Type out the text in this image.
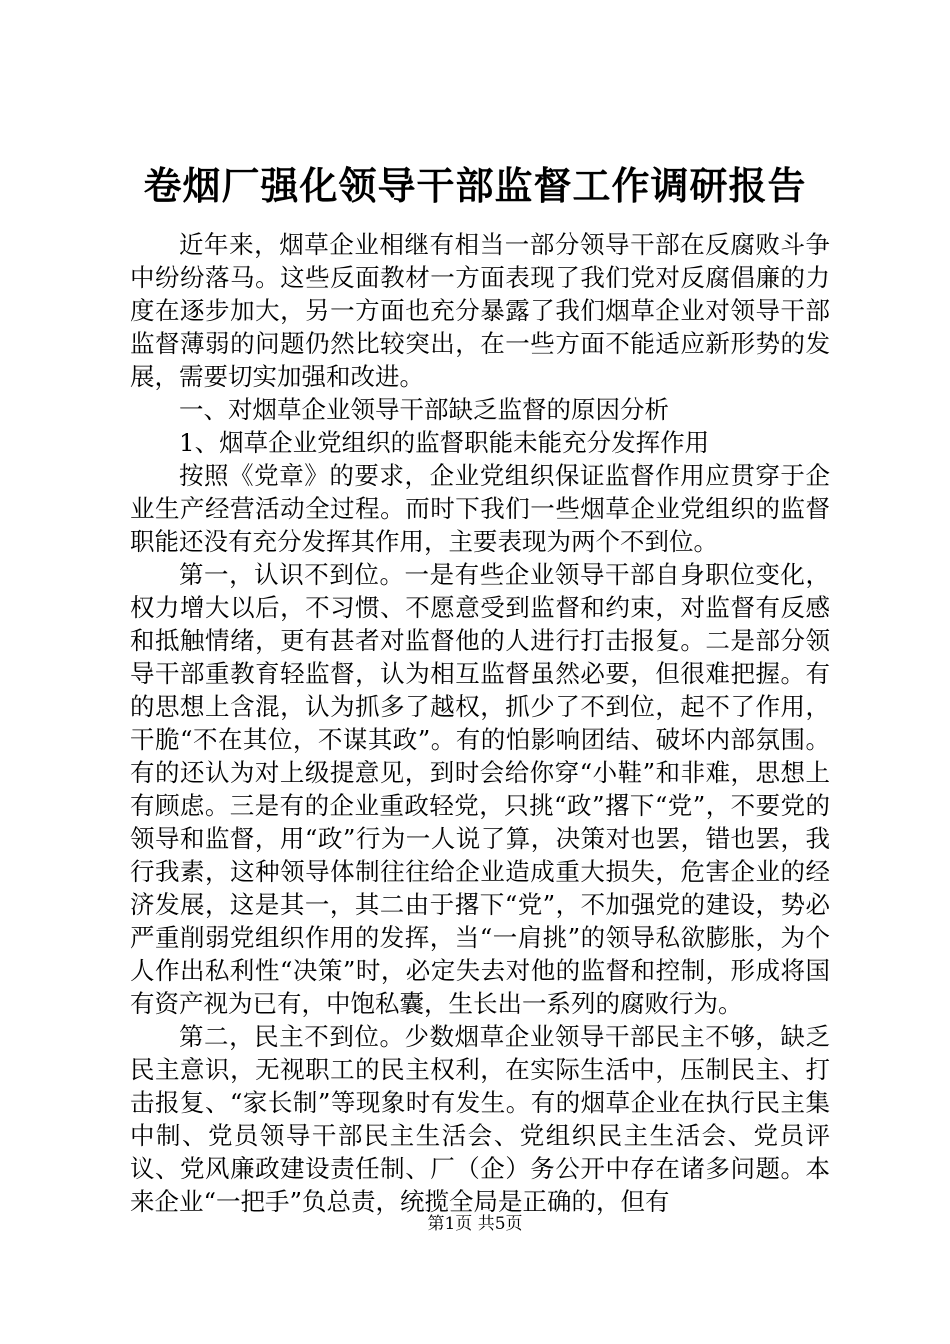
卷烟厂强化领导干部监督工作调研报告

近年来，烟草企业相继有相当一部分领导干部在反腐败斗争中纷纷落马。这些反面教材一方面表现了我们党对反腐倡廉的力度在逐步加大，另一方面也充分暴露了我们烟草企业对领导干部监督薄弱的问题仍然比较突出，在一些方面不能适应新形势的发展，需要切实加强和改进。

一、对烟草企业领导干部缺乏监督的原因分析

1、烟草企业党组织的监督职能未能充分发挥作用

按照《党章》的要求，企业党组织保证监督作用应贯穿于企业生产经营活动全过程。而时下我们一些烟草企业党组织的监督职能还没有充分发挥其作用，主要表现为两个不到位。

第一，认识不到位。一是有些企业领导干部自身职位变化，权力增大以后，不习惯、不愿意受到监督和约束，对监督有反感和抵触情绪，更有甚者对监督他的人进行打击报复。二是部分领导干部重教育轻监督，认为相互监督虽然必要，但很难把握。有的思想上含混，认为抓多了越权，抓少了不到位，起不了作用，干脆“不在其位，不谋其政”。有的怕影响团结、破坏内部氛围。有的还认为对上级提意见，到时会给你穿“小鞋”和非难，思想上有顾虑。三是有的企业重政轻党，只挑“政”撂下“党”，不要党的领导和监督，用“政”行为一人说了算，决策对也罢，错也罢，我行我素，这种领导体制往往给企业造成重大损失，危害企业的经济发展，这是其一，其二由于撂下“党”，不加强党的建设，势必严重削弱党组织作用的发挥，当“一肩挑”的领导私欲膨胀，为个人作出私利性“决策”时，必定失去对他的监督和控制，形成将国有资产视为已有，中饱私囊，生长出一系列的腐败行为。

第二，民主不到位。少数烟草企业领导干部民主不够，缺乏民主意识，无视职工的民主权利，在实际生活中，压制民主、打击报复、“家长制”等现象时有发生。有的烟草企业在执行民主集中制、党员领导干部民主生活会、党组织民主生活会、党员评议、党风廉政建设责任制、厂（企）务公开中存在诸多问题。本来企业“一把手”负总责，统揽全局是正确的，但有

第1页 共5页
